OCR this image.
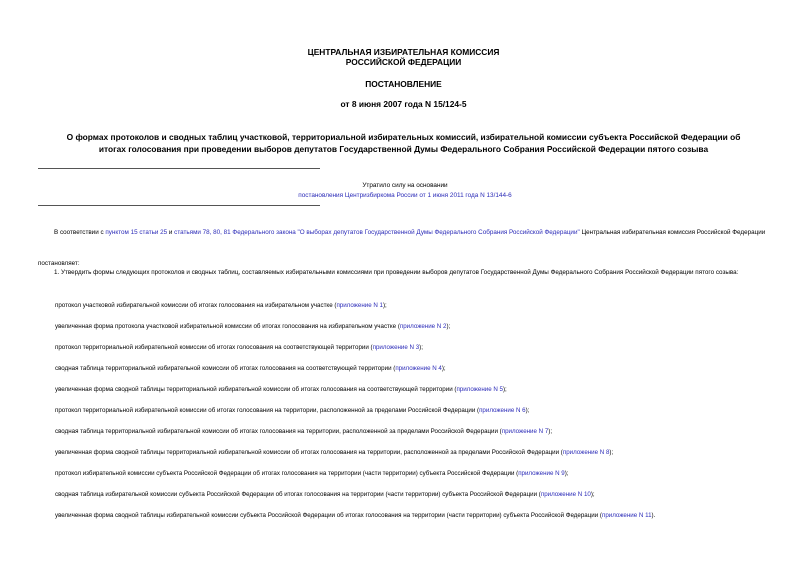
ЦЕНТРАЛЬНАЯ ИЗБИРАТЕЛЬНАЯ КОМИССИЯ
РОССИЙСКОЙ ФЕДЕРАЦИИ
ПОСТАНОВЛЕНИЕ
от 8 июня 2007 года N 15/124-5
О формах протоколов и сводных таблиц участковой, территориальной избирательных комиссий, избирательной комиссии субъекта Российской Федерации об
итогах голосования при проведении выборов депутатов Государственной Думы Федерального Собрания Российской Федерации пятого созыва
Утратило силу на основании
постановления Центризбиркома России от 1 июня 2011 года N 13/144-6
В соответствии с пунктом 15 статьи 25 и статьями 78, 80, 81 Федерального закона "О выборах депутатов Государственной Думы Федерального Собрания Российской Федерации" Центральная избирательная комиссия Российской Федерации
постановляет:
1. Утвердить формы следующих протоколов и сводных таблиц, составляемых избирательными комиссиями при проведении выборов депутатов Государственной Думы Федерального Собрания Российской Федерации пятого созыва:
протокол участковой избирательной комиссии об итогах голосования на избирательном участке (приложение N 1);
увеличенная форма протокола участковой избирательной комиссии об итогах голосования на избирательном участке (приложение N 2);
протокол территориальной избирательной комиссии об итогах голосования на соответствующей территории (приложение N 3);
сводная таблица территориальной избирательной комиссии об итогах голосования на соответствующей территории (приложение N 4);
увеличенная форма сводной таблицы территориальной избирательной комиссии об итогах голосования на соответствующей территории (приложение N 5);
протокол территориальной избирательной комиссии об итогах голосования на территории, расположенной за пределами Российской Федерации (приложение N 6);
сводная таблица территориальной избирательной комиссии об итогах голосования на территории, расположенной за пределами Российской Федерации (приложение N 7);
увеличенная форма сводной таблицы территориальной избирательной комиссии об итогах голосования на территории, расположенной за пределами Российской Федерации (приложение N 8);
протокол избирательной комиссии субъекта Российской Федерации об итогах голосования на территории (части территории) субъекта Российской Федерации (приложение N 9);
сводная таблица избирательной комиссии субъекта Российской Федерации об итогах голосования на территории (части территории) субъекта Российской Федерации (приложение N 10);
увеличенная форма сводной таблицы избирательной комиссии субъекта Российской Федерации об итогах голосования на территории (части территории) субъекта Российской Федерации (приложение N 11).
